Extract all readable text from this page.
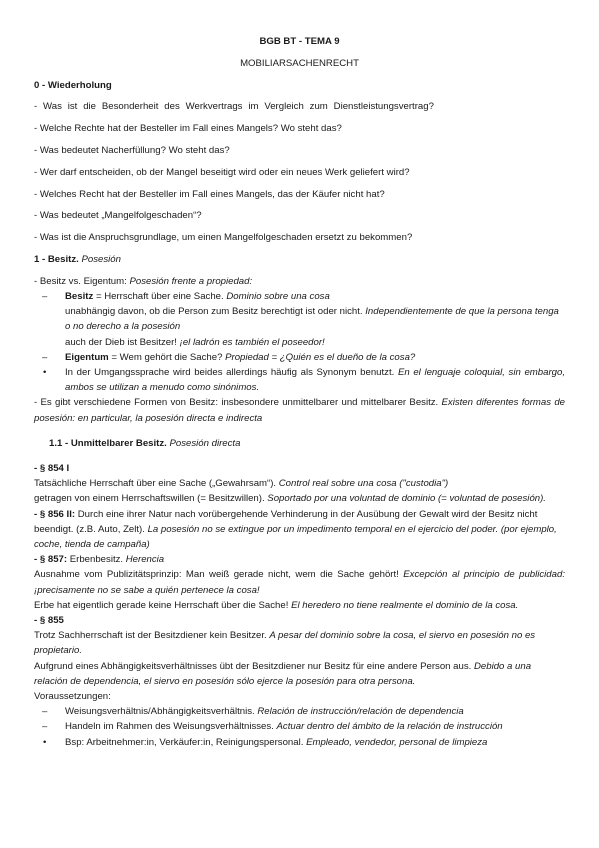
BGB BT - TEMA 9

MOBILIARSACHENRECHT

0 - Wiederholung

- Was ist die Besonderheit des Werkvertrags im Vergleich zum Dienstleistungsvertrag?

- Welche Rechte hat der Besteller im Fall eines Mangels? Wo steht das?

- Was bedeutet Nacherfüllung? Wo steht das?

- Wer darf entscheiden, ob der Mangel beseitigt wird oder ein neues Werk geliefert wird?

- Welches Recht hat der Besteller im Fall eines Mangels, das der Käufer nicht hat?

- Was bedeutet „Mangelfolgeschaden“?

- Was ist die Anspruchsgrundlage, um einen Mangelfolgeschaden ersetzt zu bekommen?

1 - Besitz. Posesión

- Besitz vs. Eigentum: Posesión frente a propiedad:

– Besitz = Herrschaft über eine Sache. Dominio sobre una cosa
unabhängig davon, ob die Person zum Besitz berechtigt ist oder nicht. Independientemente de que la persona tenga o no derecho a la posesión
auch der Dieb ist Besitzer! ¡el ladrón es también el poseedor!
– Eigentum = Wem gehört die Sache? Propiedad = ¿Quién es el dueño de la cosa?
• In der Umgangssprache wird beides allerdings häufig als Synonym benutzt. En el lenguaje coloquial, sin embargo, ambos se utilizan a menudo como sinónimos.

- Es gibt verschiedene Formen von Besitz: insbesondere unmittelbarer und mittelbarer Besitz. Existen diferentes formas de posesión: en particular, la posesión directa e indirecta

1.1 - Unmittelbarer Besitz. Posesión directa

- § 854 I

Tatsächliche Herrschaft über eine Sache („Gewahrsam“). Control real sobre una cosa ("custodia")

getragen von einem Herrschaftswillen (= Besitzwillen). Soportado por una voluntad de dominio (= voluntad de posesión).

- § 856 II: Durch eine ihrer Natur nach vorübergehende Verhinderung in der Ausübung der Gewalt wird der Besitz nicht beendigt. (z.B. Auto, Zelt). La posesión no se extingue por un impedimento temporal en el ejercicio del poder. (por ejemplo, coche, tienda de campaña)

- § 857: Erbenbesitz. Herencia

Ausnahme vom Publizitätsprinzip: Man weiß gerade nicht, wem die Sache gehört! Excepción al principio de publicidad: ¡precisamente no se sabe a quién pertenece la cosa!

Erbe hat eigentlich gerade keine Herrschaft über die Sache! El heredero no tiene realmente el dominio de la cosa.

- § 855

Trotz Sachherrschaft ist der Besitzdiener kein Besitzer. A pesar del dominio sobre la cosa, el siervo en posesión no es propietario.

Aufgrund eines Abhängigkeitsverhältnisses übt der Besitzdiener nur Besitz für eine andere Person aus. Debido a una relación de dependencia, el siervo en posesión sólo ejerce la posesión para otra persona.

Voraussetzungen:

– Weisungsverhältnis/Abhängigkeitsverhältnis. Relación de instrucción/relación de dependencia
– Handeln im Rahmen des Weisungsverhältnisses. Actuar dentro del ámbito de la relación de instrucción
• Bsp: Arbeitnehmer:in, Verkäufer:in, Reinigungspersonal. Empleado, vendedor, personal de limpieza
